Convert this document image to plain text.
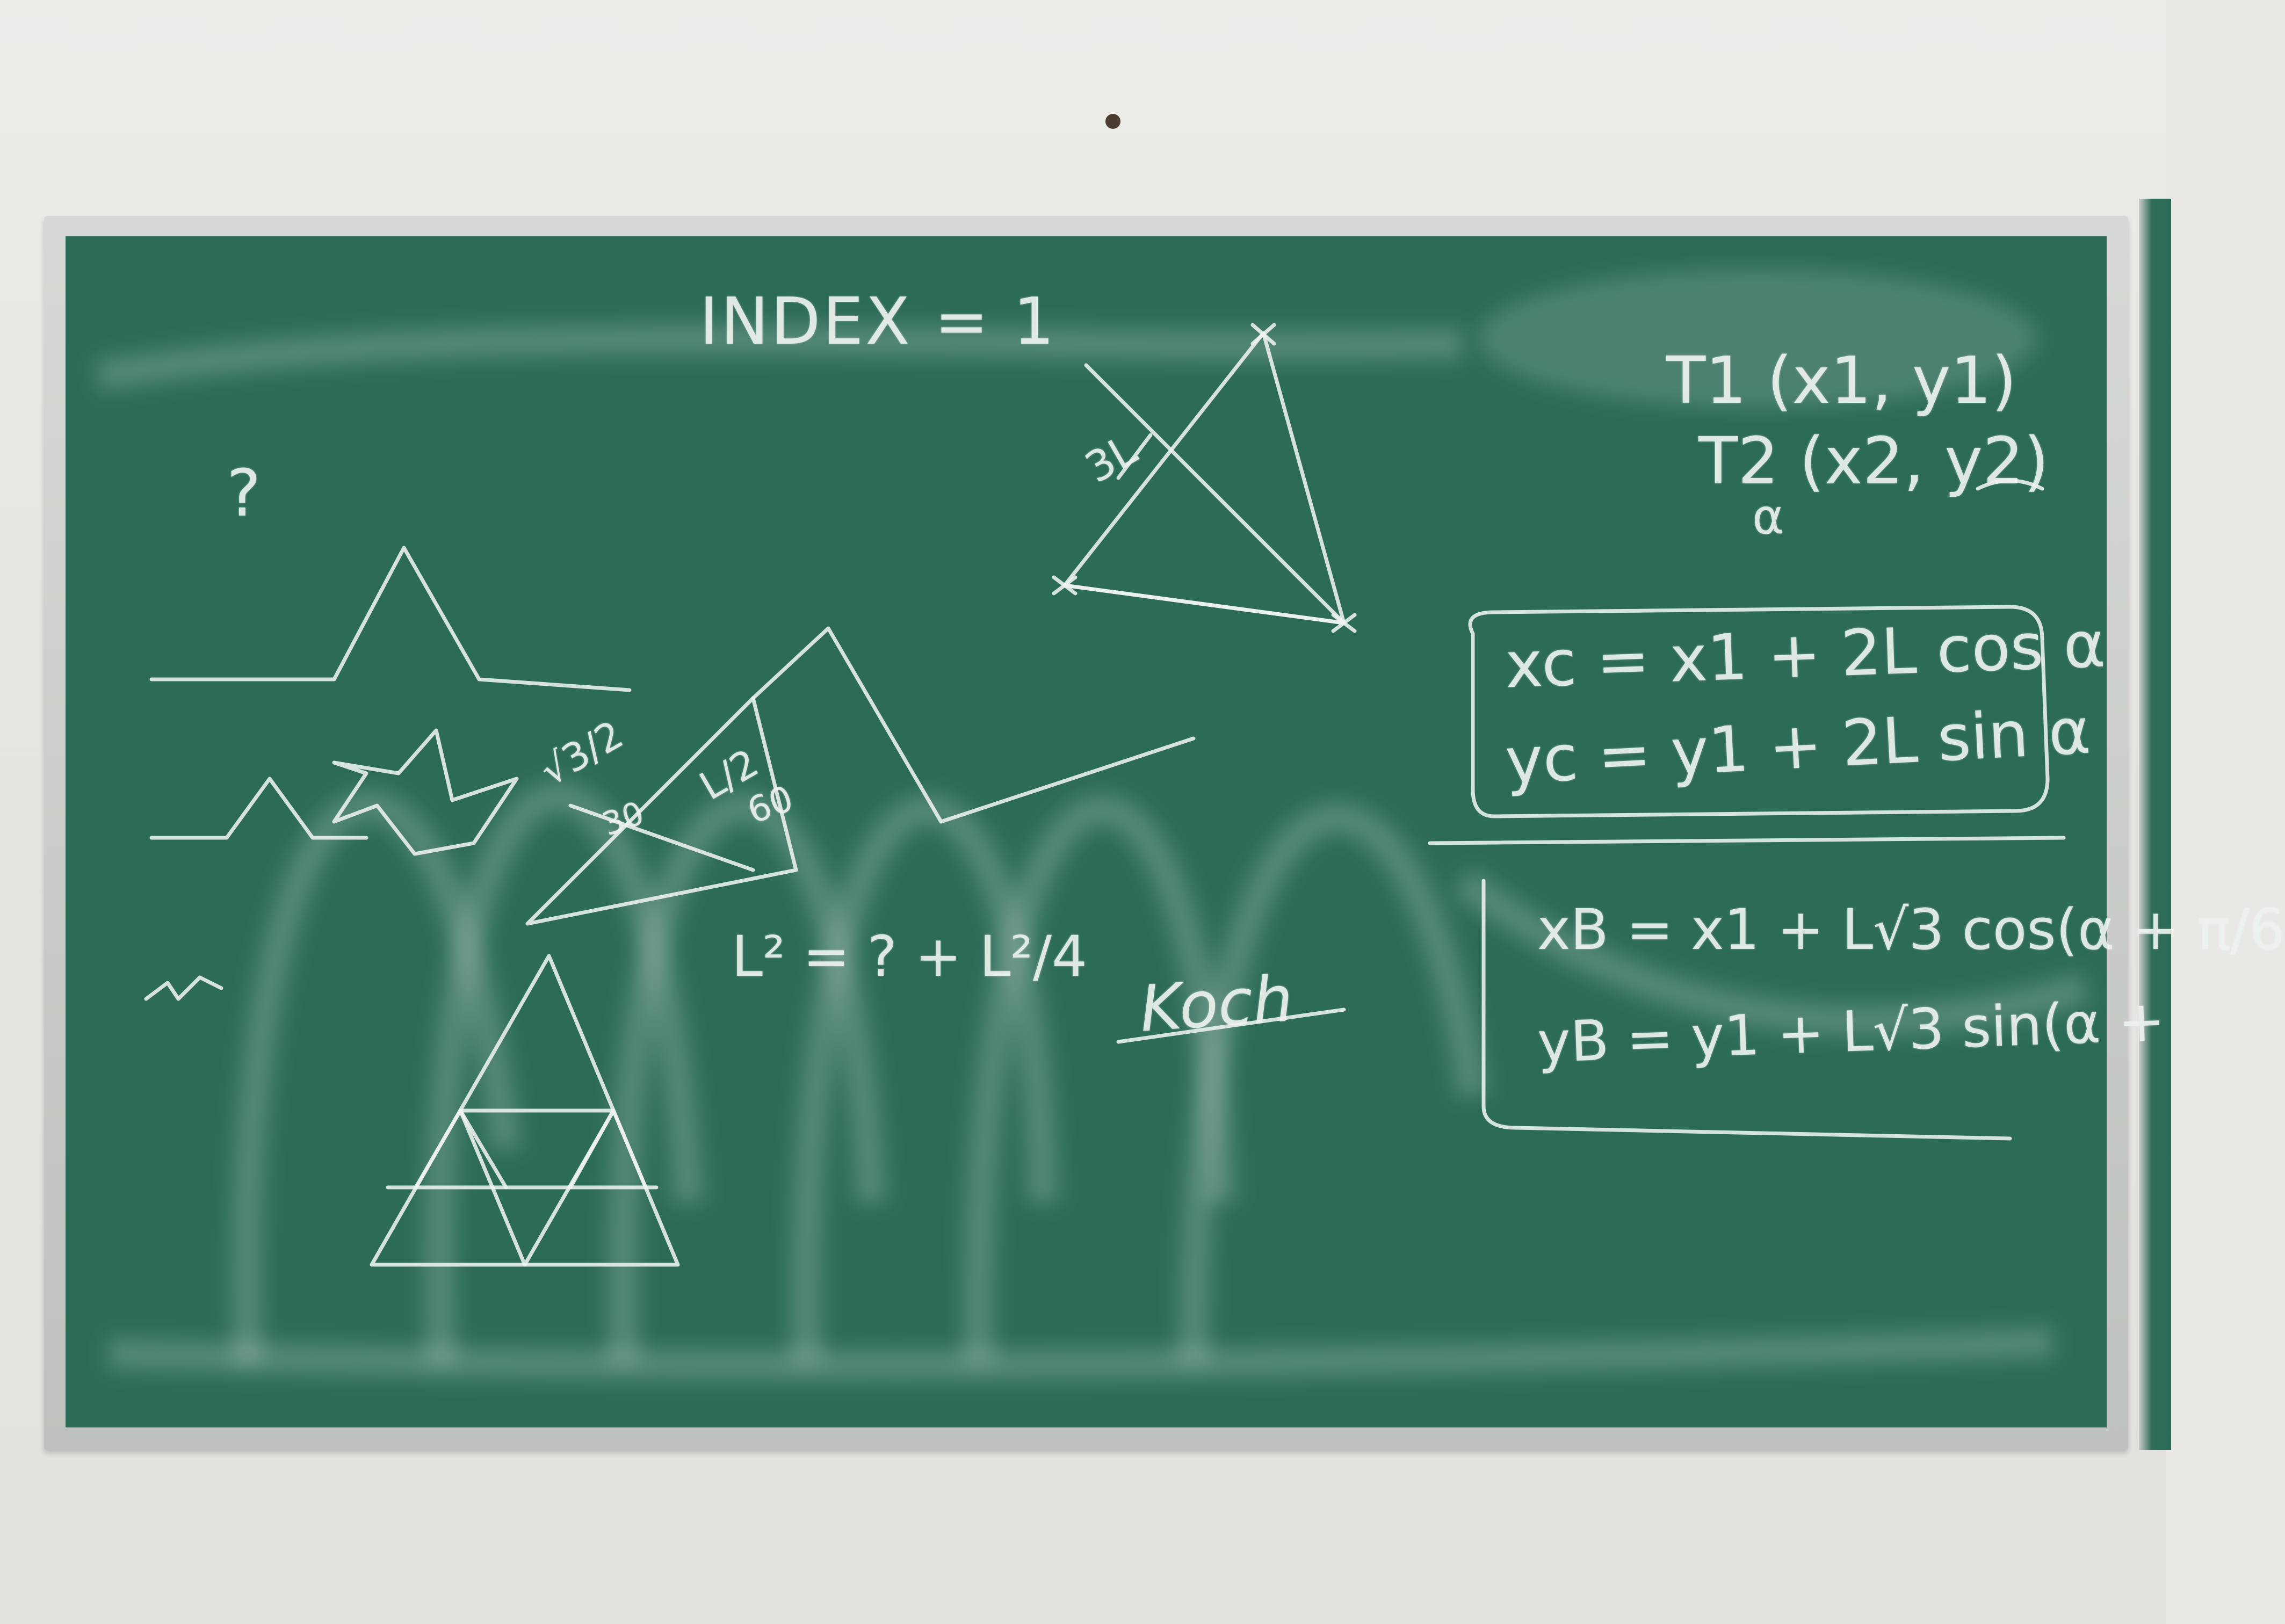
INDEX = 1
?	3L
T1 (x1, y1)
T2 (x2, y2)
α
xc = x1 + 2L cos α
yc = y1 + 2L sin α
xB = x1 + L√3 cos(α + π/6
yB = y1 + L√3 sin(α +
L² = ? + L²/4
Koch
√3/2 L/2
60
30
